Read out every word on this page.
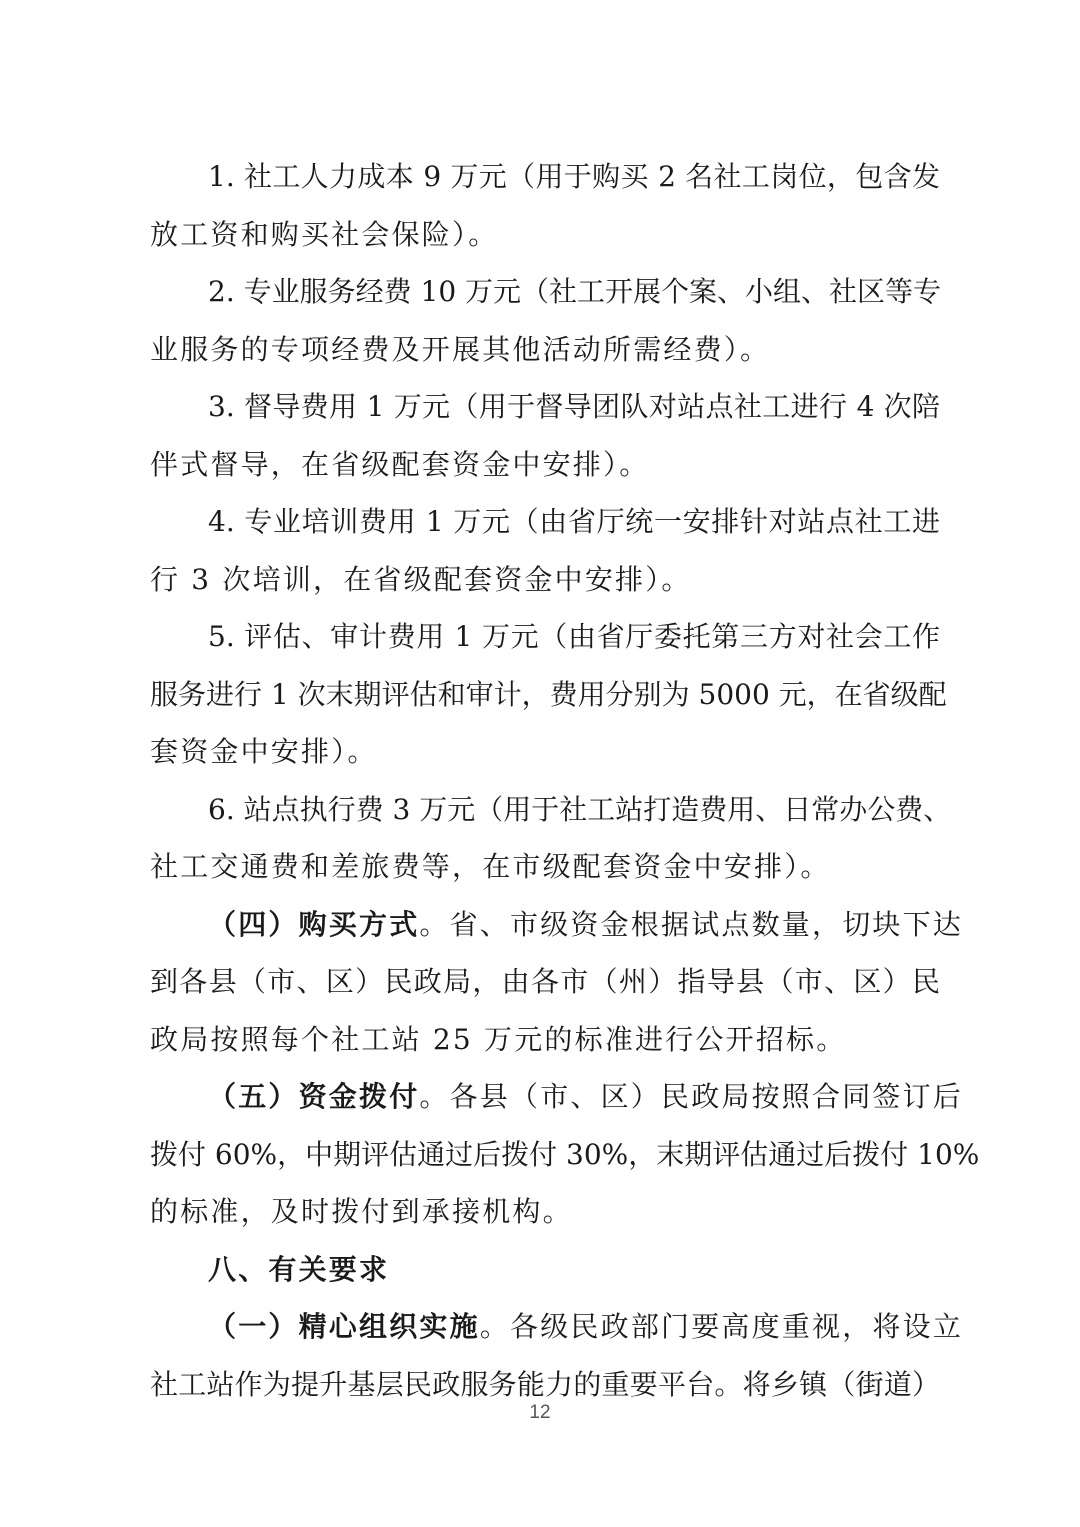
1. 社工人力成本 9 万元（用于购买 2 名社工岗位，包含发
放工资和购买社会保险）。
2. 专业服务经费 10 万元（社工开展个案、小组、社区等专
业服务的专项经费及开展其他活动所需经费）。
3. 督导费用 1 万元（用于督导团队对站点社工进行 4 次陪
伴式督导，在省级配套资金中安排）。
4. 专业培训费用 1 万元（由省厅统一安排针对站点社工进
行 3 次培训，在省级配套资金中安排）。
5. 评估、审计费用 1 万元（由省厅委托第三方对社会工作
服务进行 1 次末期评估和审计，费用分别为 5000 元，在省级配
套资金中安排）。
6. 站点执行费 3 万元（用于社工站打造费用、日常办公费、
社工交通费和差旅费等，在市级配套资金中安排）。
（四）购买方式。省、市级资金根据试点数量，切块下达
到各县（市、区）民政局，由各市（州）指导县（市、区）民
政局按照每个社工站 25 万元的标准进行公开招标。
（五）资金拨付。各县（市、区）民政局按照合同签订后
拨付 60%，中期评估通过后拨付 30%，末期评估通过后拨付 10%
的标准，及时拨付到承接机构。
八、有关要求
（一）精心组织实施。各级民政部门要高度重视，将设立
社工站作为提升基层民政服务能力的重要平台。将乡镇（街道）
12
